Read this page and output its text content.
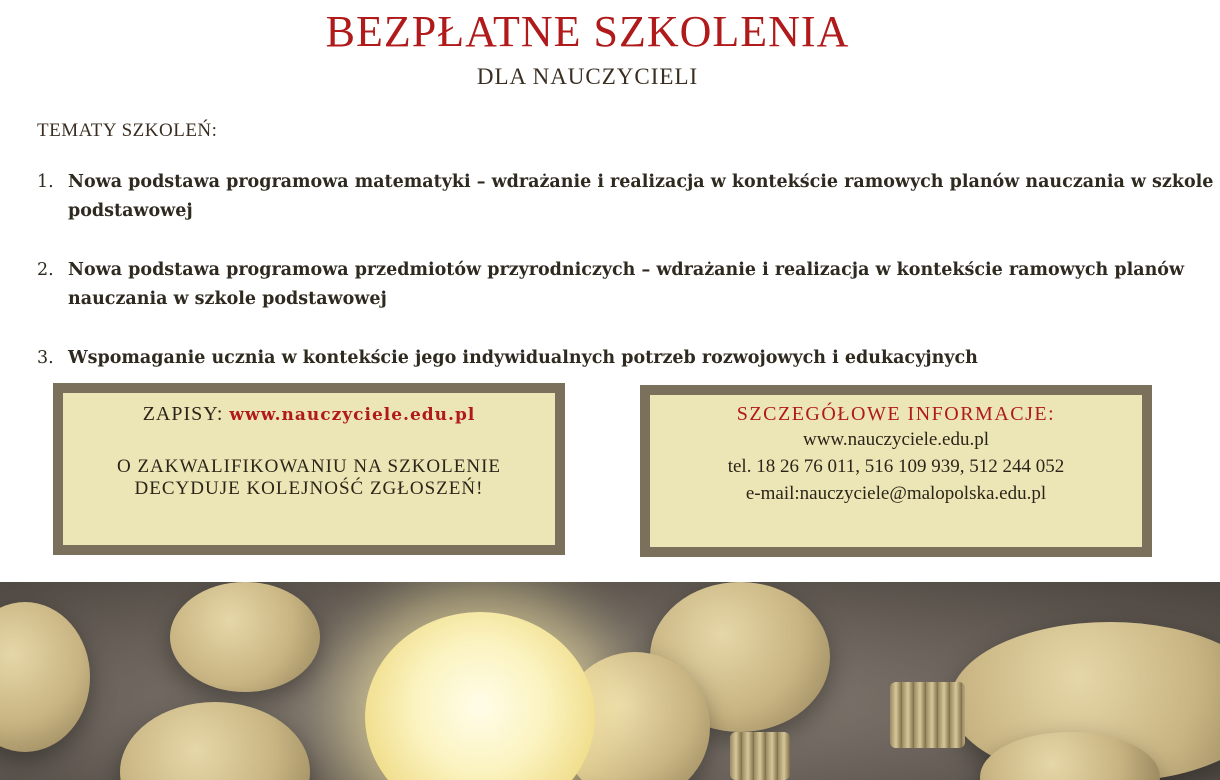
BEZPŁATNE SZKOLENIA
DLA NAUCZYCIELI
TEMATY SZKOLEŃ:
1. Nowa podstawa programowa matematyki – wdrażanie i realizacja w kontekście ramowych planów nauczania w szkole podstawowej
2. Nowa podstawa programowa przedmiotów przyrodniczych – wdrażanie i realizacja w kontekście ramowych planów nauczania w szkole podstawowej
3. Wspomaganie ucznia w kontekście jego indywidualnych potrzeb rozwojowych i edukacyjnych
ZAPISY: www.nauczyciele.edu.pl
O ZAKWALIFIKOWANIU NA SZKOLENIE
DECYDUJE KOLEJNOŚĆ ZGŁOSZEŃ!
SZCZEGÓŁOWE INFORMACJE:
www.nauczyciele.edu.pl
tel. 18 26 76 011, 516 109 939, 512 244 052
e-mail:nauczyciele@malopolska.edu.pl
